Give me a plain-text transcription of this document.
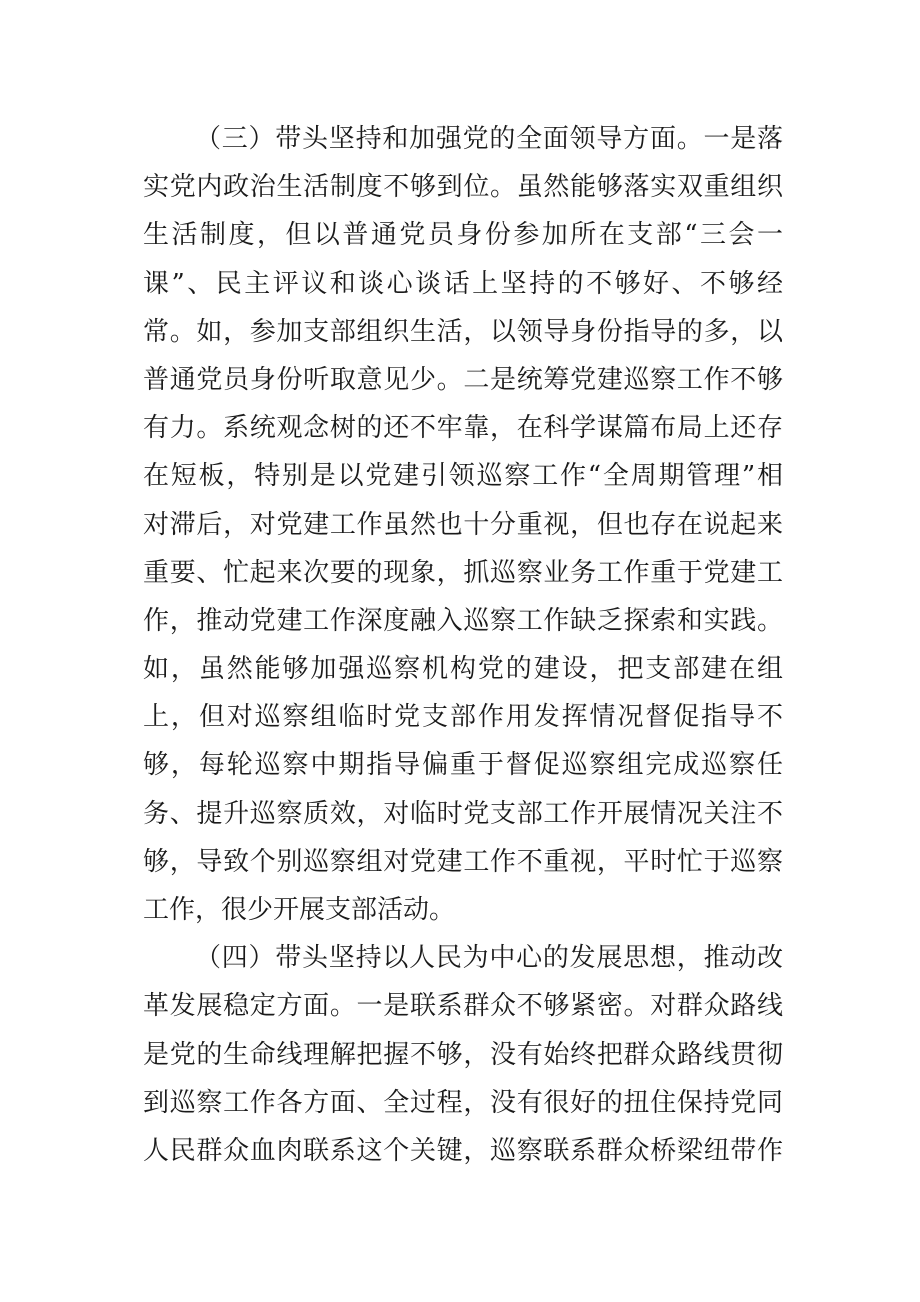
（三）带头坚持和加强党的全面领导方面。一是落
实党内政治生活制度不够到位。虽然能够落实双重组织
生活制度，但以普通党员身份参加所在支部“三会一
课”、民主评议和谈心谈话上坚持的不够好、不够经
常。如，参加支部组织生活，以领导身份指导的多，以
普通党员身份听取意见少。二是统筹党建巡察工作不够
有力。系统观念树的还不牢靠，在科学谋篇布局上还存
在短板，特别是以党建引领巡察工作“全周期管理”相
对滞后，对党建工作虽然也十分重视，但也存在说起来
重要、忙起来次要的现象，抓巡察业务工作重于党建工
作，推动党建工作深度融入巡察工作缺乏探索和实践。
如，虽然能够加强巡察机构党的建设，把支部建在组
上，但对巡察组临时党支部作用发挥情况督促指导不
够，每轮巡察中期指导偏重于督促巡察组完成巡察任
务、提升巡察质效，对临时党支部工作开展情况关注不
够，导致个别巡察组对党建工作不重视，平时忙于巡察
工作，很少开展支部活动。
（四）带头坚持以人民为中心的发展思想，推动改
革发展稳定方面。一是联系群众不够紧密。对群众路线
是党的生命线理解把握不够，没有始终把群众路线贯彻
到巡察工作各方面、全过程，没有很好的扭住保持党同
人民群众血肉联系这个关键，巡察联系群众桥梁纽带作
